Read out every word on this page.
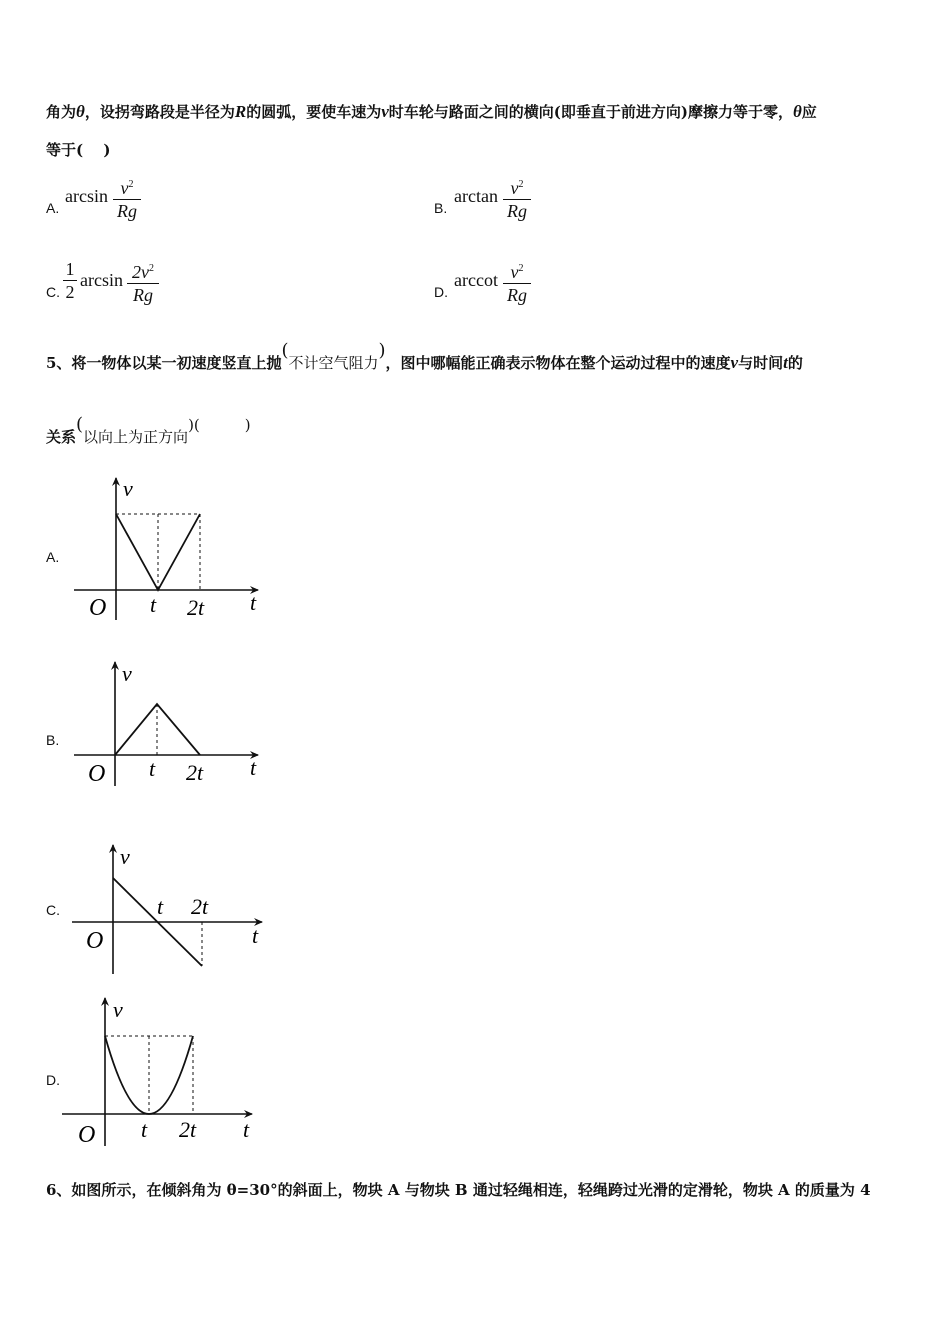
角为θ，设拐弯路段是半径为R的圆弧，要使车速为v时车轮与路面之间的横向(即垂直于前进方向)摩擦力等于零，θ应
等于(　 )
A.
$\arcsin v^2$
Rg	B.
$\arctan v^2$
Rg
C.
1
2
$\arcsin 2v^2$
Rg	D.
arccot $v^2$
Rg
5、将一物体以某一初速度竖直上抛(不计空气阻力)，图中哪幅能正确表示物体在整个运动过程中的速度v与时间t的
关系(以向上为正方向)(　　　)
A.
B.
C.
D.
v
O t 2t t
v
O t 2t t
v
O
t 2t
t
v
O t 2t t
6、如图所示，在倾斜角为 θ=30°的斜面上，物块 A 与物块 B 通过轻绳相连，轻绳跨过光滑的定滑轮，物块 A 的质量为 4
